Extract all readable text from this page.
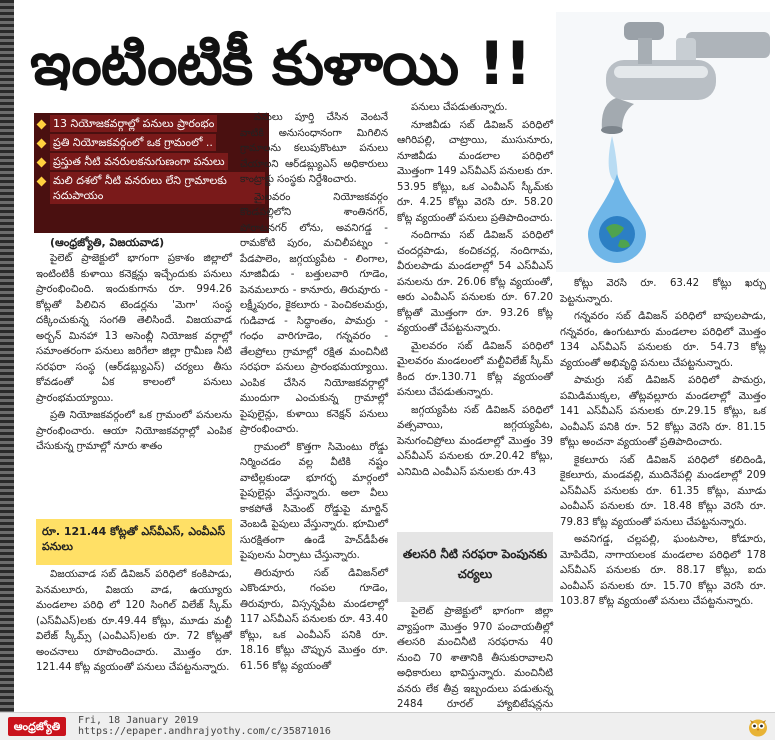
ఇంటింటికీ కుళాయి !!
13 నియోజకవర్గాల్లో పనులు ప్రారంభం
ప్రతి నియోజకవర్గంలో ఒక గ్రామంలో ..
ప్రస్తుత నీటి వనరులకనుగుణంగా పనులు
మలి దశలో నీటి వనరులు లేని గ్రామాలకు సదుపాయం
(ఆంధ్రజ్యోతి, విజయవాడ)

పైలెట్ ప్రాజెక్టులో భాగంగా ప్రకాశం జిల్లాలో ఇంటింటికీ కుళాయి కనెక్షన్లు ఇచ్చేందుకు పనులు ప్రారంభించింది. ఇందుకుగాను రూ. 994.26 కోట్లతో పిలిచిన టెండర్లను 'మెగా' సంస్థ దక్కించుకున్న సంగతి తెలిసిందే. విజయవాడ అర్బన్ మినహా 13 అసెంబ్లీ నియోజక వర్గాల్లో సమాంతరంగా పనులు జరిగేలా జిల్లా గ్రామీణ నీటి సరఫరా సంస్థ (ఆర్‌డబ్ల్యుఎస్) చర్యలు తీసు కోవడంతో ఏక కాలంలో పనులు ప్రారంభమయ్యాయి.

ప్రతి నియోజకవర్గంలో ఒక గ్రామంలో పనులను ప్రారంభించారు. ఆయా నియోజకవర్గాల్లో ఎంపిక చేసుకున్న గ్రామాల్లో నూరు శాతం

రూ. 121.44 కోట్లతో ఎస్‌వీఎస్, ఎంవీఎస్ పనులు

విజయవాడ సబ్ డివిజన్ పరిధిలో కంకిపాడు, పెనమలూరు, విజయ వాడ, ఉయ్యూరు మండలాల పరిధి లో 120 సింగిల్ విలేజ్ స్కీమ్ (ఎస్‌వీఎస్)లకు రూ.49.44 కోట్లు, మూడు మల్టీ విలేజ్ స్కీమ్స్ (ఎంవీఎస్)లకు రూ. 72 కోట్లతో అంచనాలు రూపొందించారు. మొత్తం రూ. 121.44 కోట్ల వ్యయంతో పనులు చేపట్టనున్నారు.

పనులు పూర్తి చేసిన వెంటనే వాటికి అనుసంధానంగా మిగిలిన గ్రామాలను కలుపుకొంటూ పనులు చేయాలని ఆర్‌డబ్ల్యుఎస్ అధికారులు కాంట్రాక్టు సంస్థకు నిర్దేశించారు.

మైలవరం నియోజకవర్గం కొండపల్లిలోని శాంతినగర్, పోరాటనగర్ లోను, అవనిగడ్డ - రామకోటి పురం, మచిలీపట్నం - పేడపాలెం, జగ్గయ్యపేట - లింగాల, నూజివీడు - బత్తులవారి గూడెం, పెనమలూరు - కానూరు, తిరువూరు - లక్ష్మీపురం, కైకలూరు - పెంచికలమర్రు, గుడివాడ - సిద్ధాంతం, పామర్రు - గంధం వారిగూడెం, గన్నవరం - తేలప్రోలు గ్రామాల్లో రక్షిత మంచినీటి సరఫరా పనులు ప్రారంభమయ్యాయి. ఎంపిక చేసిన నియోజకవర్గాల్లో ముందుగా ఎంచుకున్న గ్రామాల్లో పైపులైన్లు, కుళాయి కనెక్షన్ పనులు ప్రారంభించారు.

గ్రామంలో కొత్తగా సిమెంటు రోడ్డు నిర్మించడం వల్ల వీటికి నష్టం వాటిల్లకుండా భూగర్భ మార్గంలో పైపులైన్లు వేస్తున్నారు. అలా వీలు కాకపోతే సిమెంట్ రోడ్డుపై మార్జిన్ వెంబడి పైపులు వేస్తున్నారు. భూమిలో సురక్షితంగా ఉండే హెచ్‌డీపీఈ పైపులను ఏర్పాటు చేస్తున్నారు.

తిరువూరు సబ్ డివిజన్‌లో ఎకొండూరు, గంపల గూడెం, తిరువూరు, విస్సన్నపేట మండలాల్లో 117 ఎస్‌వీఎస్ పనులకు రూ. 43.40 కోట్లు, ఒక ఎంవీఎస్ పనికి రూ. 18.16 కోట్లు చొప్పున మొత్తం రూ. 61.56 కోట్ల వ్యయంతో

పనులు చేపడుతున్నారు.

నూజివీడు సబ్ డివిజన్ పరిధిలో ఆగిరిపల్లి, చాట్రాయి, ముసునూరు, నూజివీడు మండలాల పరిధిలో మొత్తంగా 149 ఎస్‌వీఎస్ పనులకు రూ. 53.95 కోట్లు, ఒక ఎంవీఎస్ స్కీమ్‌కు రూ. 4.25 కోట్లు వెరసి రూ. 58.20 కోట్ల వ్యయంతో పనులు ప్రతిపాదించారు.

నందిగామ సబ్ డివిజన్ పరిధిలో చందర్లపాడు, కంచికచర్ల, నందిగామ, వీరులపాడు మండలాల్లో 54 ఎస్‌వీఎస్ పనులను రూ. 26.06 కోట్ల వ్యయంతో, ఆరు ఎంవీఎస్ పనులకు రూ. 67.20 కోట్లతో మొత్తంగా రూ. 93.26 కోట్ల వ్యయంతో చేపట్టనున్నారు.

మైలవరం సబ్ డివిజన్ పరిధిలో మైలవరం మండలంలో మల్టీవిలేజ్ స్కీమ్ కింద రూ.130.71 కోట్ల వ్యయంతో పనులు చేపడుతున్నారు.

జగ్గయ్యపేట సబ్ డివిజన్ పరిధిలో వత్సవాయి, జగ్గయ్యపేట, పెనుగంచిప్రోలు మండలాల్లో మొత్తం 39 ఎస్‌వీఎస్ పనులకు రూ.20.42 కోట్లు, ఎనిమిది ఎంవీఎస్ పనులకు రూ.43

తలసరి నీటి సరఫరా పెంపునకు చర్యలు

పైలెట్ ప్రాజెక్టులో భాగంగా జిల్లా వ్యాప్తంగా మొత్తం 970 పంచాయతీల్లో తలసరి మంచినీటి సరఫరాను 40 నుంచి 70 శాతానికి తీసుకురావాలని అధికారులు భావిస్తున్నారు. మంచినీటి వనరు లేక తీవ్ర ఇబ్బందులు పడుతున్న 2484 రూరల్ హ్యాబిటేషన్లను

కోట్లు వెరసి రూ. 63.42 కోట్లు ఖర్చు పెట్టనున్నారు.

గన్నవరం సబ్ డివిజన్ పరిధిలో బాపులపాడు, గన్నవరం, ఉంగుటూరు మండలాల పరిధిలో మొత్తం 134 ఎస్‌వీఎస్ పనులకు రూ. 54.73 కోట్ల వ్యయంతో అభివృద్ధి పనులు చేపట్టనున్నారు.

పామర్రు సబ్ డివిజన్ పరిధిలో పామర్రు, పమిడిముక్కల, తోట్లవల్లూరు మండలాల్లో మొత్తం 141 ఎస్‌వీఎస్ పనులకు రూ.29.15 కోట్లు, ఒక ఎంవీఎస్ పనికి రూ. 52 కోట్లు వెరసి రూ. 81.15 కోట్లు అంచనా వ్యయంతో ప్రతిపాదించారు.

కైకలూరు సబ్ డివిజన్ పరిధిలో కలిదిండి, కైకలూరు, మండవల్లి, ముదినేపల్లి మండలాల్లో 209 ఎస్‌వీఎస్ పనులకు రూ. 61.35 కోట్లు, మూడు ఎంవీఎస్ పనులకు రూ. 18.48 కోట్లు వెరసి రూ. 79.83 కోట్ల వ్యయంతో పనులు చేపట్టనున్నారు.

అవనిగడ్డ, చల్లపల్లి, ఘంటసాల, కోడూరు, మోపిదేవి, నాగాయలంక మండలాల పరిధిలో 178 ఎస్‌వీఎస్ పనులకు రూ. 88.17 కోట్లు, ఐదు ఎంవీఎస్ పనులకు రూ. 15.70 కోట్లు వెరసి రూ. 103.87 కోట్ల వ్యయంతో పనులు చేపట్టనున్నారు.

ఆంధ్రజ్యోతి	Fri, 18 January 2019
https://epaper.andhrajyothy.com/c/35871016
